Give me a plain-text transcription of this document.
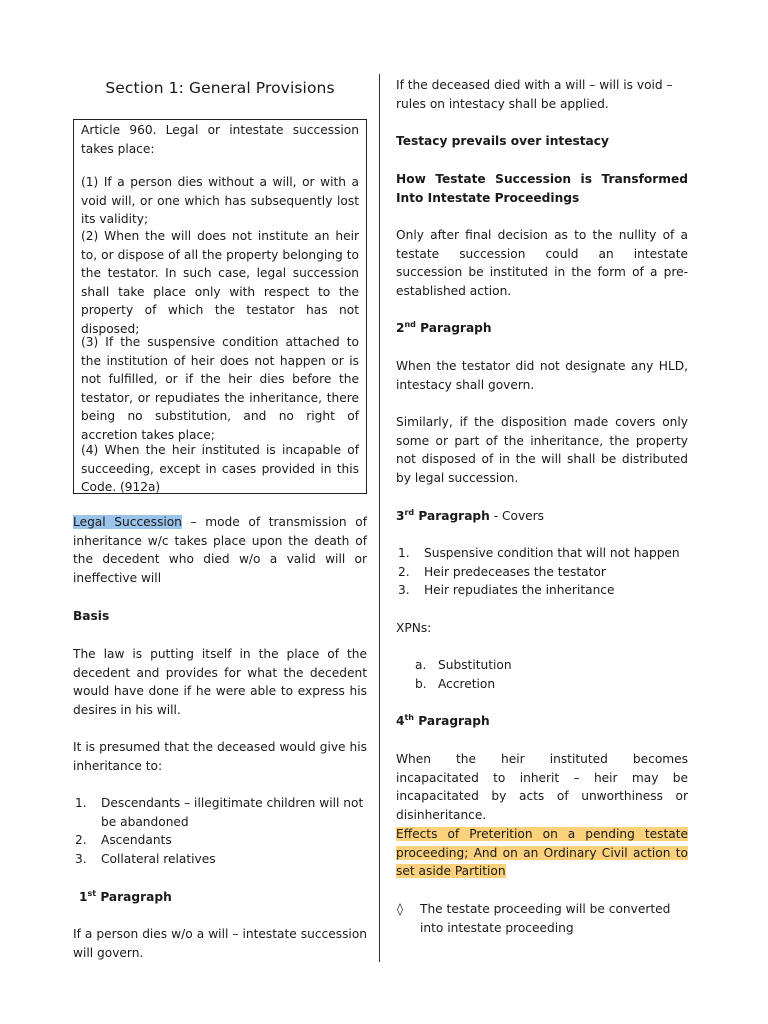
Section 1: General Provisions

Article 960. Legal or intestate succession takes place:

(1) If a person dies without a will, or with a void will, or one which has subsequently lost its validity;

(2) When the will does not institute an heir to, or dispose of all the property belonging to the testator. In such case, legal succession shall take place only with respect to the property of which the testator has not disposed;

(3) If the suspensive condition attached to the institution of heir does not happen or is not fulfilled, or if the heir dies before the testator, or repudiates the inheritance, there being no substitution, and no right of accretion takes place;

(4) When the heir instituted is incapable of succeeding, except in cases provided in this Code. (912a)

Legal Succession – mode of transmission of inheritance w/c takes place upon the death of the decedent who died w/o a valid will or ineffective will

Basis

The law is putting itself in the place of the decedent and provides for what the decedent would have done if he were able to express his desires in his will.

It is presumed that the deceased would give his inheritance to:

1. Descendants – illegitimate children will not be abandoned
2. Ascendants
3. Collateral relatives

1st Paragraph

If a person dies w/o a will – intestate succession will govern.

If the deceased died with a will – will is void – rules on intestacy shall be applied.

Testacy prevails over intestacy

How Testate Succession is Transformed Into Intestate Proceedings

Only after final decision as to the nullity of a testate succession could an intestate succession be instituted in the form of a pre-established action.

2nd Paragraph

When the testator did not designate any HLD, intestacy shall govern.

Similarly, if the disposition made covers only some or part of the inheritance, the property not disposed of in the will shall be distributed by legal succession.

3rd Paragraph - Covers

1. Suspensive condition that will not happen
2. Heir predeceases the testator
3. Heir repudiates the inheritance

XPNs:

a. Substitution
b. Accretion

4th Paragraph

When the heir instituted becomes incapacitated to inherit – heir may be incapacitated by acts of unworthiness or disinheritance.

Effects of Preterition on a pending testate proceeding; And on an Ordinary Civil action to set aside Partition

◊ The testate proceeding will be converted into intestate proceeding
